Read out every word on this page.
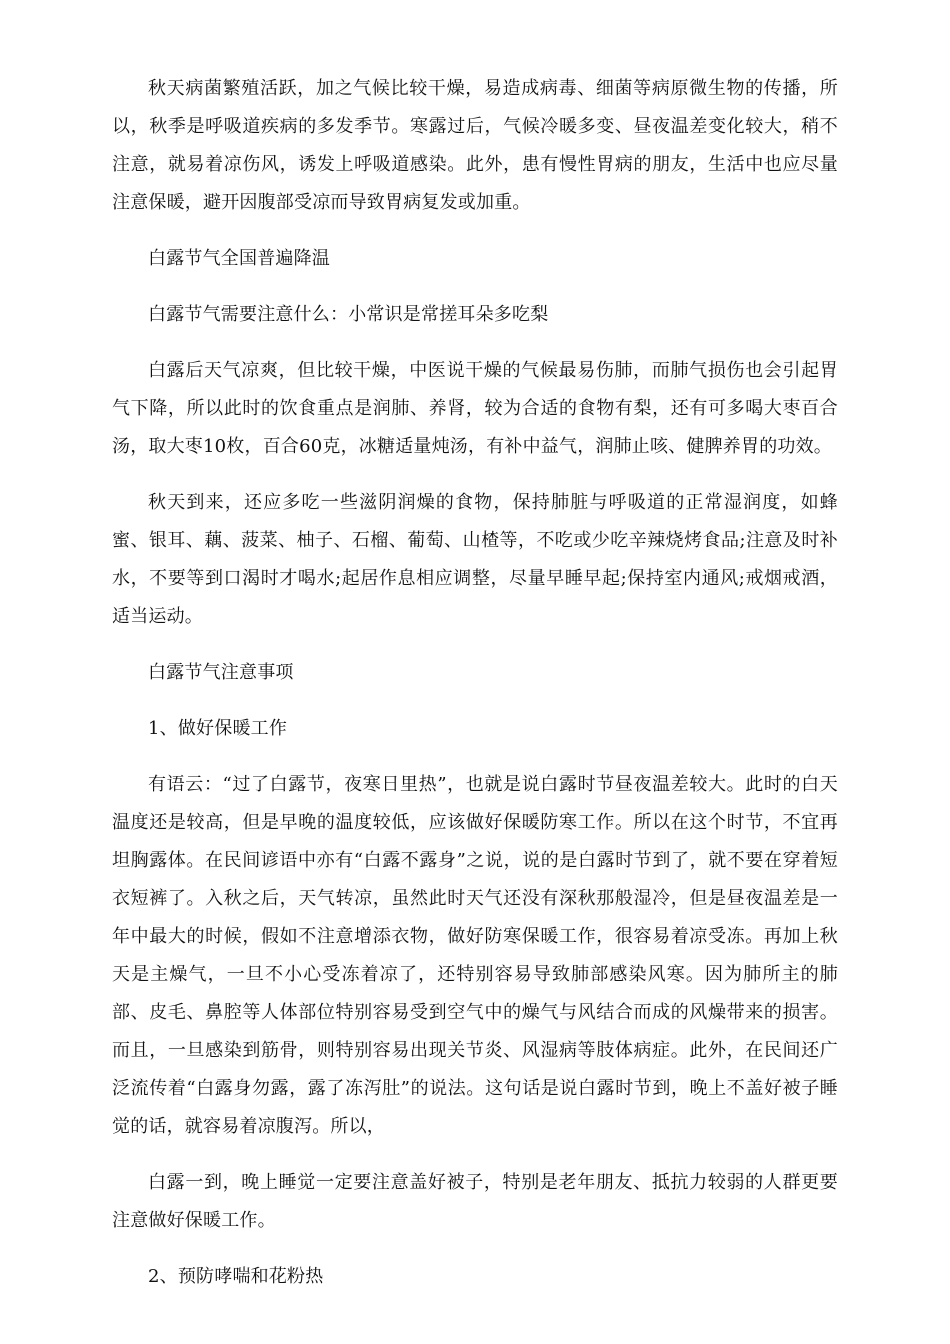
秋天病菌繁殖活跃，加之气候比较干燥，易造成病毒、细菌等病原微生物的传播，所以，秋季是呼吸道疾病的多发季节。寒露过后，气候冷暖多变、昼夜温差变化较大，稍不注意，就易着凉伤风，诱发上呼吸道感染。此外，患有慢性胃病的朋友，生活中也应尽量注意保暖，避开因腹部受凉而导致胃病复发或加重。

白露节气全国普遍降温

白露节气需要注意什么：小常识是常搓耳朵多吃梨

白露后天气凉爽，但比较干燥，中医说干燥的气候最易伤肺，而肺气损伤也会引起胃气下降，所以此时的饮食重点是润肺、养肾，较为合适的食物有梨，还有可多喝大枣百合汤，取大枣10枚，百合60克，冰糖适量炖汤，有补中益气，润肺止咳、健脾养胃的功效。

秋天到来，还应多吃一些滋阴润燥的食物，保持肺脏与呼吸道的正常湿润度，如蜂蜜、银耳、藕、菠菜、柚子、石榴、葡萄、山楂等，不吃或少吃辛辣烧烤食品;注意及时补水，不要等到口渴时才喝水;起居作息相应调整，尽量早睡早起;保持室内通风;戒烟戒酒，适当运动。

白露节气注意事项

1、做好保暖工作

有语云：“过了白露节，夜寒日里热”，也就是说白露时节昼夜温差较大。此时的白天温度还是较高，但是早晚的温度较低，应该做好保暖防寒工作。所以在这个时节，不宜再坦胸露体。在民间谚语中亦有“白露不露身”之说，说的是白露时节到了，就不要在穿着短衣短裤了。入秋之后，天气转凉，虽然此时天气还没有深秋那般湿冷，但是昼夜温差是一年中最大的时候，假如不注意增添衣物，做好防寒保暖工作，很容易着凉受冻。再加上秋天是主燥气，一旦不小心受冻着凉了，还特别容易导致肺部感染风寒。因为肺所主的肺部、皮毛、鼻腔等人体部位特别容易受到空气中的燥气与风结合而成的风燥带来的损害。而且，一旦感染到筋骨，则特别容易出现关节炎、风湿病等肢体病症。此外，在民间还广泛流传着“白露身勿露，露了冻泻肚”的说法。这句话是说白露时节到，晚上不盖好被子睡觉的话，就容易着凉腹泻。所以，

白露一到，晚上睡觉一定要注意盖好被子，特别是老年朋友、抵抗力较弱的人群更要注意做好保暖工作。

2、预防哮喘和花粉热
